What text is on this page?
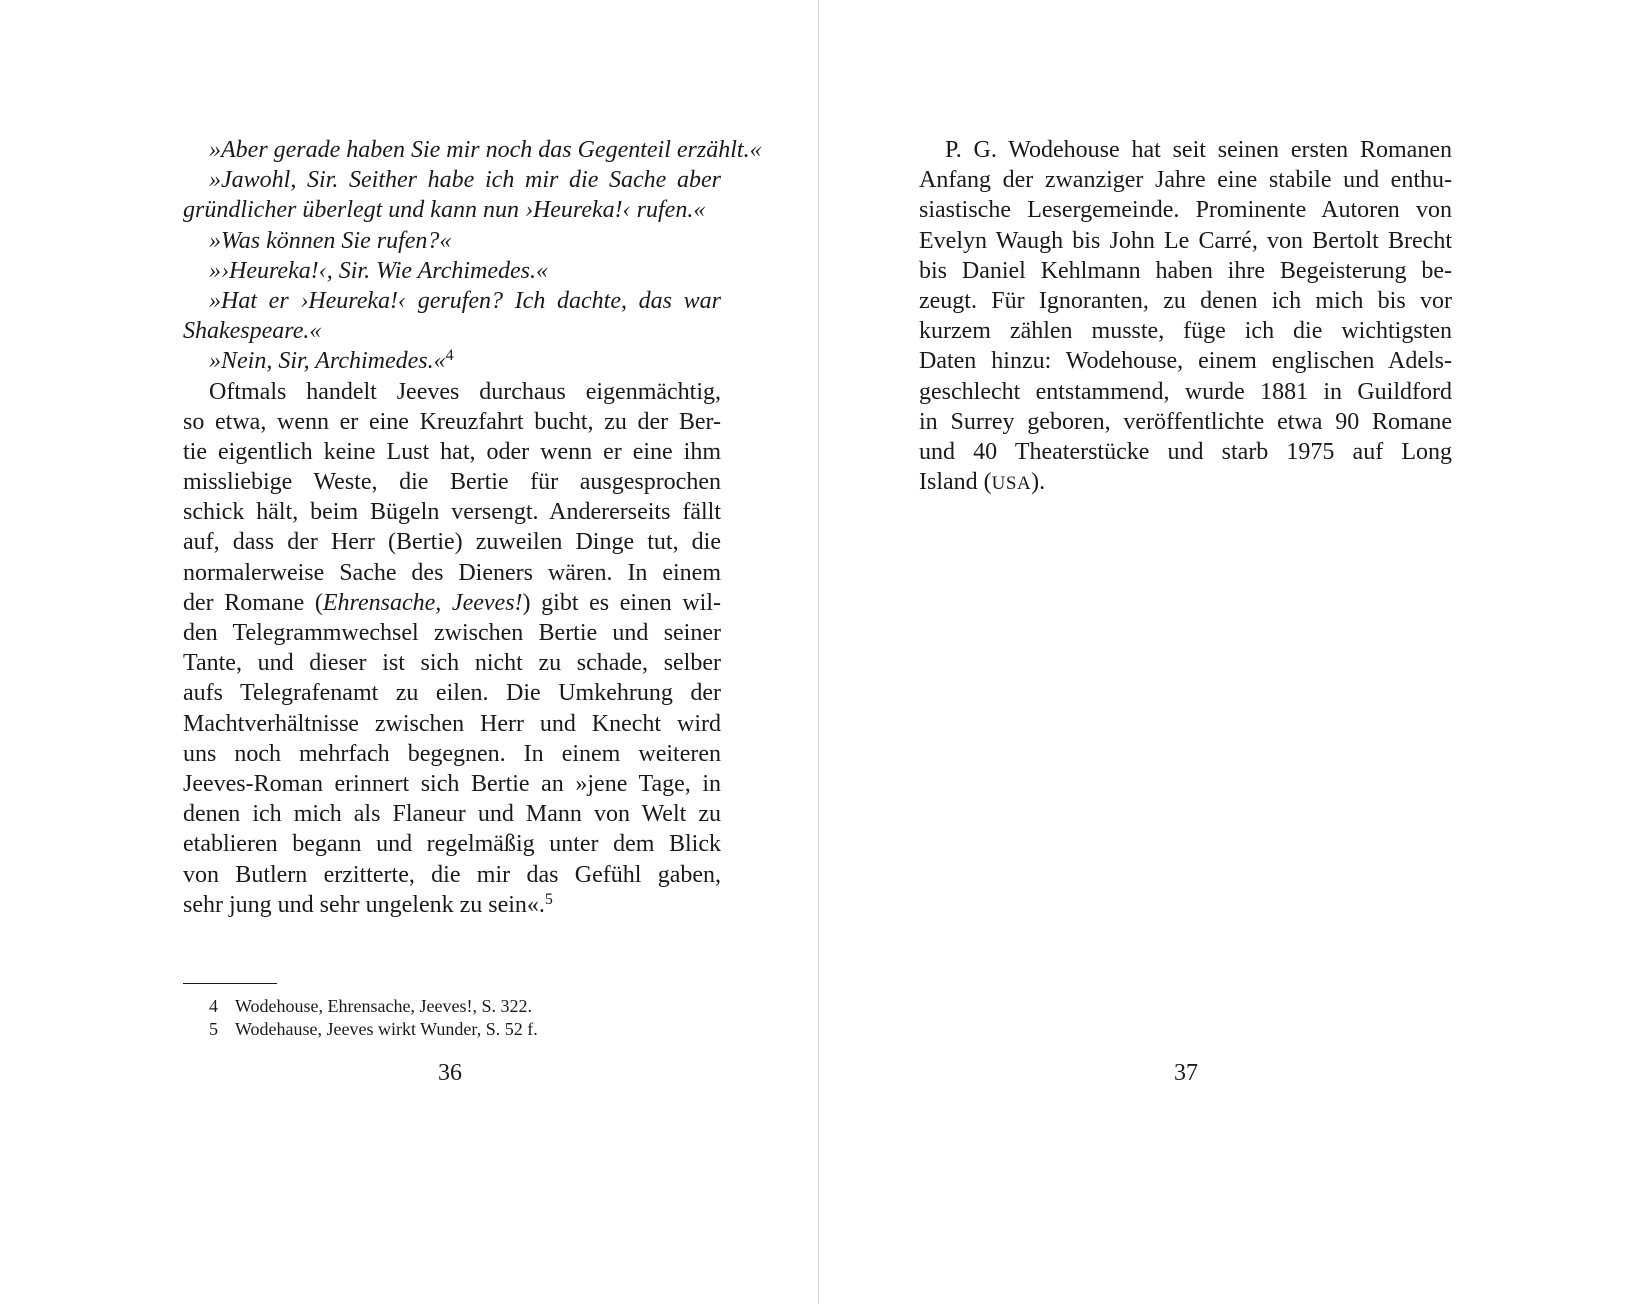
»Aber gerade haben Sie mir noch das Gegenteil erzählt.«
»Jawohl, Sir. Seither habe ich mir die Sache aber
gründlicher überlegt und kann nun ›Heureka!‹ rufen.«
»Was können Sie rufen?«
»›Heureka!‹, Sir. Wie Archimedes.«
»Hat er ›Heureka!‹ gerufen? Ich dachte, das war
Shakespeare.«
»Nein, Sir, Archimedes.«$^4$
Oftmals handelt Jeeves durchaus eigenmächtig,
so etwa, wenn er eine Kreuzfahrt bucht, zu der Ber-
tie eigentlich keine Lust hat, oder wenn er eine ihm
missliebige Weste, die Bertie für ausgesprochen
schick hält, beim Bügeln versengt. Andererseits fällt
auf, dass der Herr (Bertie) zuweilen Dinge tut, die
normalerweise Sache des Dieners wären. In einem
der Romane (Ehrensache, Jeeves!) gibt es einen wil-
den Telegrammwechsel zwischen Bertie und seiner
Tante, und dieser ist sich nicht zu schade, selber
aufs Telegrafenamt zu eilen. Die Umkehrung der
Machtverhältnisse zwischen Herr und Knecht wird
uns noch mehrfach begegnen. In einem weiteren
Jeeves-Roman erinnert sich Bertie an »jene Tage, in
denen ich mich als Flaneur und Mann von Welt zu
etablieren begann und regelmäßig unter dem Blick
von Butlern erzitterte, die mir das Gefühl gaben,
sehr jung und sehr ungelenk zu sein«.$^5$
4 Wodehouse, Ehrensache, Jeeves!, S. 322.
5 Wodehause, Jeeves wirkt Wunder, S. 52 f.
36
P. G. Wodehouse hat seit seinen ersten Romanen
Anfang der zwanziger Jahre eine stabile und enthu-
siastische Lesergemeinde. Prominente Autoren von
Evelyn Waugh bis John Le Carré, von Bertolt Brecht
bis Daniel Kehlmann haben ihre Begeisterung be-
zeugt. Für Ignoranten, zu denen ich mich bis vor
kurzem zählen musste, füge ich die wichtigsten
Daten hinzu: Wodehouse, einem englischen Adels-
geschlecht entstammend, wurde 1881 in Guildford
in Surrey geboren, veröffentlichte etwa 90 Romane
und 40 Theaterstücke und starb 1975 auf Long
Island (USA).
37
